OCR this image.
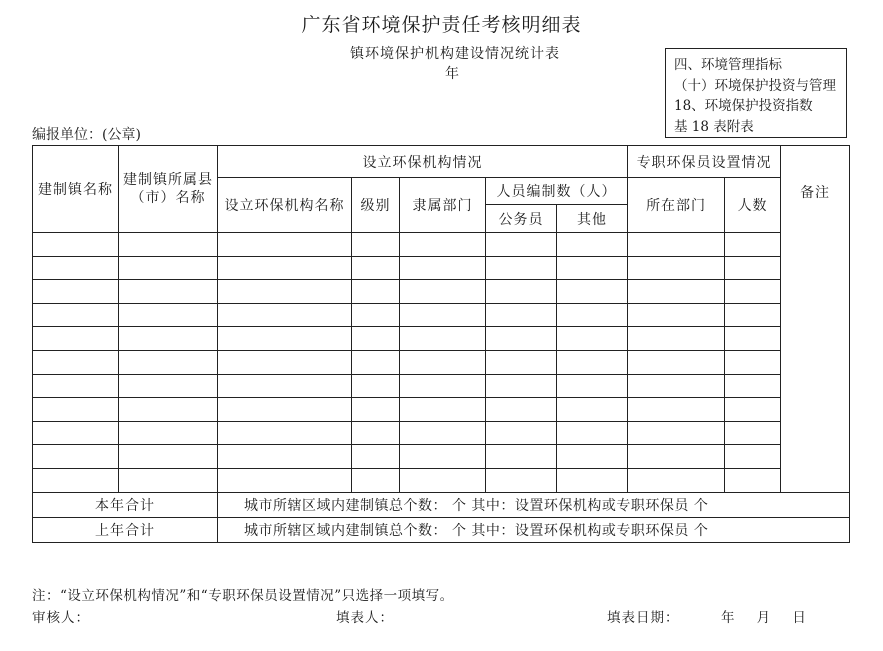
广东省环境保护责任考核明细表
镇环境保护机构建设情况统计表
年
四、环境管理指标
（十）环境保护投资与管理
18、环境保护投资指数
基 18 表附表
编报单位：(公章)
建制镇名称	建制镇所属县（市）名称	设立环保机构情况					专职环保员设置情况		备注
		设立环保机构名称	级别	隶属部门	人员编制数（人）		所在部门	人数	
					公务员	其他			

本年合计		城市所辖区域内建制镇总个数： 个 其中：设置环保机构或专职环保员 个							
上年合计		城市所辖区域内建制镇总个数： 个 其中：设置环保机构或专职环保员 个							
注：“设立环保机构情况”和“专职环保员设置情况”只选择一项填写。
审核人：	填表人：	填表日期：	年    月    日
